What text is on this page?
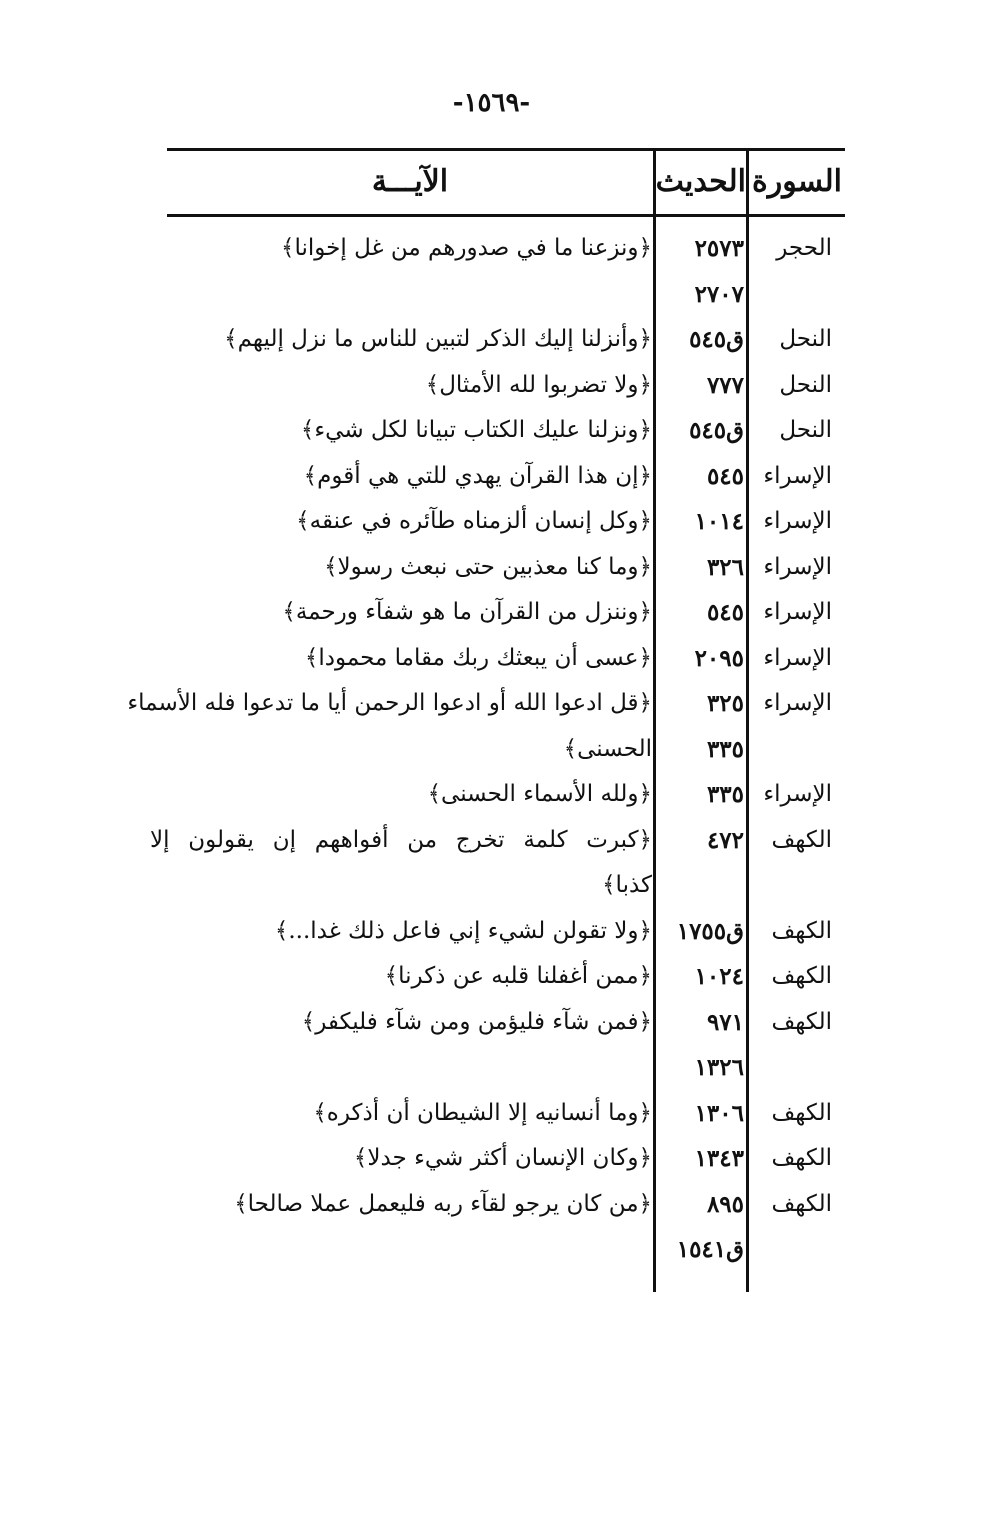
-١٥٦٩-
السورة
الحديث
الآيـــة
الحجر
٢٥٧٣
﴿ونزعنا ما في صدورهم من غل إخوانا﴾
٢٧٠٧
النحل
ق٥٤٥
﴿وأنزلنا إليك الذكر لتبين للناس ما نزل إليهم﴾
النحل
٧٧٧
﴿ولا تضربوا لله الأمثال﴾
النحل
ق٥٤٥
﴿ونزلنا عليك الكتاب تبيانا لكل شيء﴾
الإسراء
٥٤٥
﴿إن هذا القرآن يهدي للتي هي أقوم﴾
الإسراء
١٠١٤
﴿وكل إنسان ألزمناه طآئره في عنقه﴾
الإسراء
٣٢٦
﴿وما كنا معذبين حتى نبعث رسولا﴾
الإسراء
٥٤٥
﴿وننزل من القرآن ما هو شفآء ورحمة﴾
الإسراء
٢٠٩٥
﴿عسى أن يبعثك ربك مقاما محمودا﴾
الإسراء
٣٢٥
﴿قل ادعوا الله أو ادعوا الرحمن أيا ما تدعوا فله الأسماء
٣٣٥
الحسنى﴾
الإسراء
٣٣٥
﴿ولله الأسماء الحسنى﴾
الكهف
٤٧٢
﴿كبرت كلمة تخرج من أفواههم إن يقولون إلا
كذبا﴾
الكهف
ق١٧٥٥
﴿ولا تقولن لشيء إني فاعل ذلك غدا...﴾
الكهف
١٠٢٤
﴿ممن أغفلنا قلبه عن ذكرنا﴾
الكهف
٩٧١
﴿فمن شآء فليؤمن ومن شآء فليكفر﴾
١٣٢٦
الكهف
١٣٠٦
﴿وما أنسانيه إلا الشيطان أن أذكره﴾
الكهف
١٣٤٣
﴿وكان الإنسان أكثر شيء جدلا﴾
الكهف
٨٩٥
﴿من كان يرجو لقآء ربه فليعمل عملا صالحا﴾
ق١٥٤١
